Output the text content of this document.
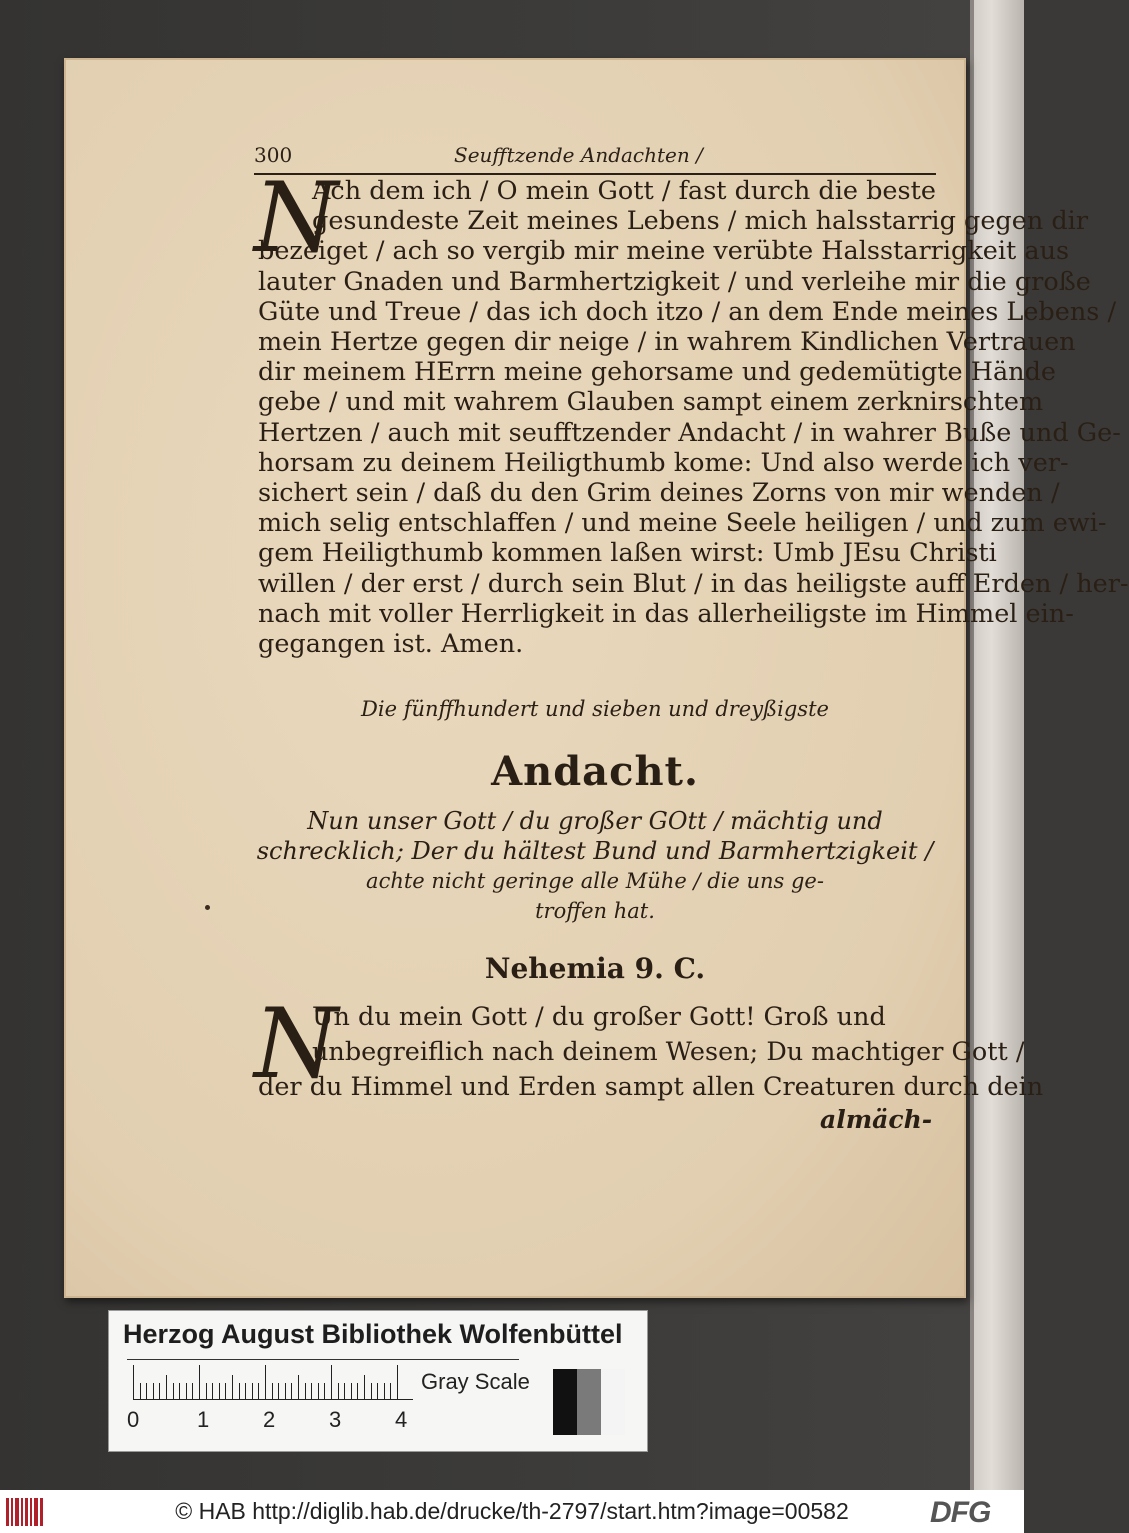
300	Seufftzende Andachten /
N

Ach dem ich / O mein Gott / fast durch die beste

gesundeste Zeit meines Lebens / mich halsstarrig gegen dir

bezeiget / ach so vergib mir meine verübte Halsstarrigkeit aus

lauter Gnaden und Barmhertzigkeit / und verleihe mir die große

Güte und Treue / das ich doch itzo / an dem Ende meines Lebens /

mein Hertze gegen dir neige / in wahrem Kindlichen Vertrauen

dir meinem HErrn meine gehorsame und gedemütigte Hände

gebe / und mit wahrem Glauben sampt einem zerknirschtem

Hertzen / auch mit seufftzender Andacht / in wahrer Buße und Ge-

horsam zu deinem Heiligthumb kome: Und also werde ich ver-

sichert sein / daß du den Grim deines Zorns von mir wenden /

mich selig entschlaffen / und meine Seele heiligen / und zum ewi-

gem Heiligthumb kommen laßen wirst: Umb JEsu Christi

willen / der erst / durch sein Blut / in das heiligste auff Erden / her-

nach mit voller Herrligkeit in das allerheiligste im Himmel ein-

gegangen ist. Amen.

Die fünffhundert und sieben und dreyßigste
Andacht.

Nun unser Gott / du großer GOtt / mächtig und

schrecklich; Der du hältest Bund und Barmhertzigkeit /

achte nicht geringe alle Mühe / die uns ge-

troffen hat.

Nehemia 9. C.
N

Un du mein Gott / du großer Gott! Groß und

unbegreiflich nach deinem Wesen; Du machtiger Gott /

der du Himmel und Erden sampt allen Creaturen durch dein

almäch-
Herzog August Bibliothek Wolfenbüttel
0	1 2 3 4
Gray Scale
© HAB http://diglib.hab.de/drucke/th-2797/start.htm?image=00582	DFG
